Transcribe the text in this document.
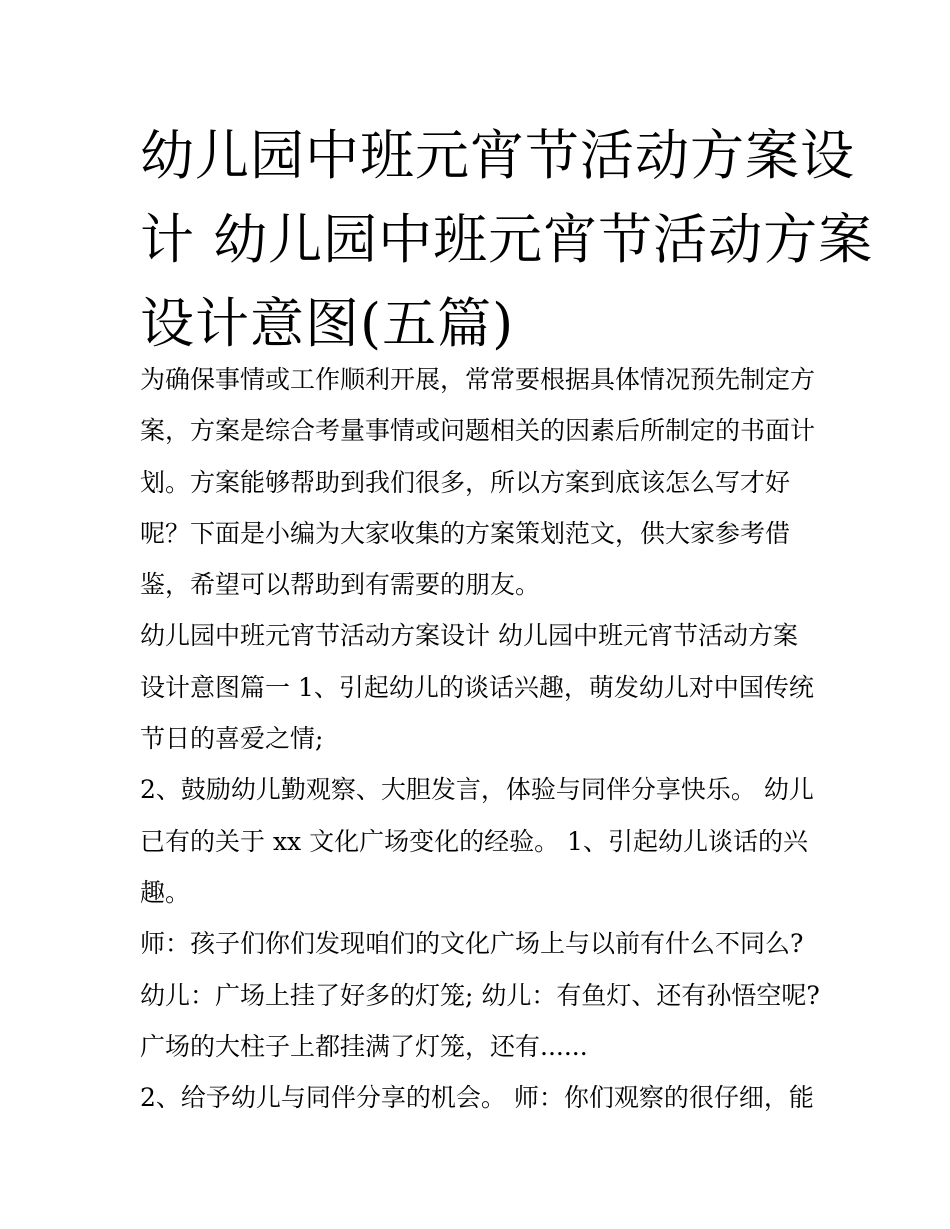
幼儿园中班元宵节活动方案设
计 幼儿园中班元宵节活动方案
设计意图(五篇)
为确保事情或工作顺利开展，常常要根据具体情况预先制定方
案，方案是综合考量事情或问题相关的因素后所制定的书面计
划。方案能够帮助到我们很多，所以方案到底该怎么写才好
呢？下面是小编为大家收集的方案策划范文，供大家参考借
鉴，希望可以帮助到有需要的朋友。
幼儿园中班元宵节活动方案设计 幼儿园中班元宵节活动方案
设计意图篇一 1、引起幼儿的谈话兴趣，萌发幼儿对中国传统
节日的喜爱之情;
2、鼓励幼儿勤观察、大胆发言，体验与同伴分享快乐。 幼儿
已有的关于 xx 文化广场变化的经验。 1、引起幼儿谈话的兴
趣。
师：孩子们你们发现咱们的文化广场上与以前有什么不同么?
幼儿：广场上挂了好多的灯笼; 幼儿：有鱼灯、还有孙悟空呢?
广场的大柱子上都挂满了灯笼，还有......
2、给予幼儿与同伴分享的机会。 师：你们观察的很仔细，能
